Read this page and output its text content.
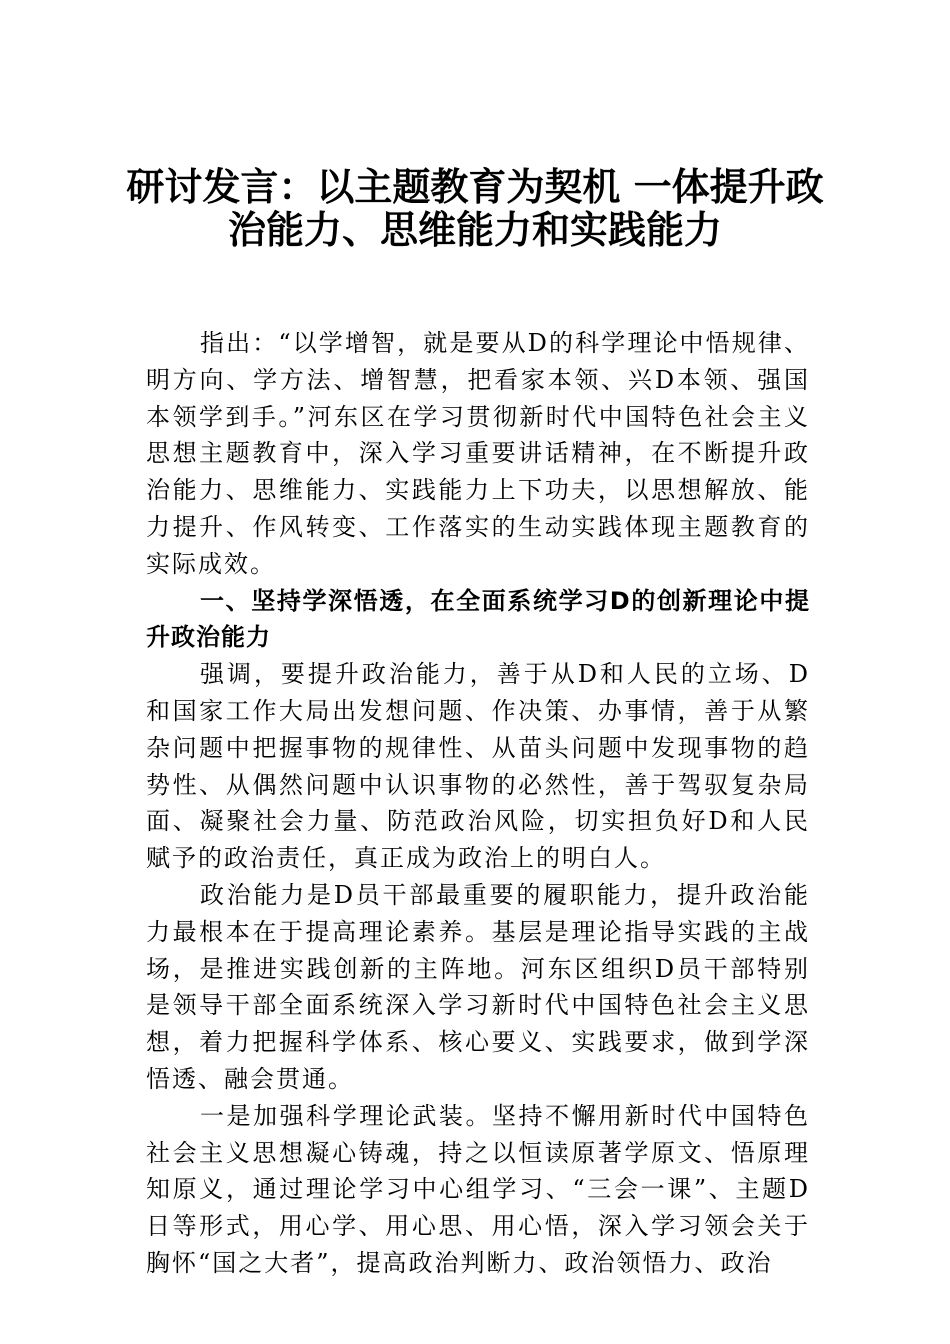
研讨发言：以主题教育为契机 一体提升政
治能力、思维能力和实践能力

指出：“以学增智，就是要从D的科学理论中悟规律、明方向、学方法、增智慧，把看家本领、兴D本领、强国本领学到手。”河东区在学习贯彻新时代中国特色社会主义思想主题教育中，深入学习重要讲话精神，在不断提升政治能力、思维能力、实践能力上下功夫，以思想解放、能力提升、作风转变、工作落实的生动实践体现主题教育的实际成效。

一、坚持学深悟透，在全面系统学习D的创新理论中提升政治能力

强调，要提升政治能力，善于从D和人民的立场、D和国家工作大局出发想问题、作决策、办事情，善于从繁杂问题中把握事物的规律性、从苗头问题中发现事物的趋势性、从偶然问题中认识事物的必然性，善于驾驭复杂局面、凝聚社会力量、防范政治风险，切实担负好D和人民赋予的政治责任，真正成为政治上的明白人。

政治能力是D员干部最重要的履职能力，提升政治能力最根本在于提高理论素养。基层是理论指导实践的主战场，是推进实践创新的主阵地。河东区组织D员干部特别是领导干部全面系统深入学习新时代中国特色社会主义思想，着力把握科学体系、核心要义、实践要求，做到学深悟透、融会贯通。

一是加强科学理论武装。坚持不懈用新时代中国特色社会主义思想凝心铸魂，持之以恒读原著学原文、悟原理知原义，通过理论学习中心组学习、“三会一课”、主题D日等形式，用心学、用心思、用心悟，深入学习领会关于胸怀“国之大者”，提高政治判断力、政治领悟力、政治
